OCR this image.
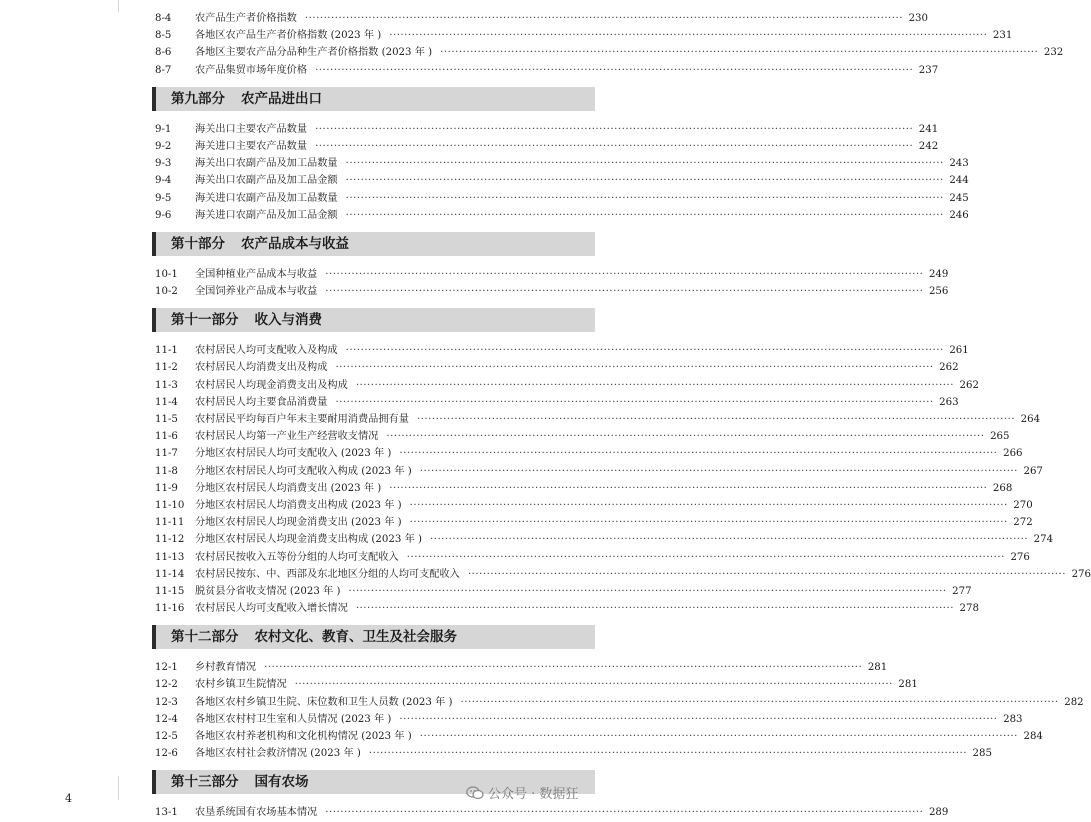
8-4	农产品生产者价格指数 ································································································································································ 230
8-5	各地区农产品生产者价格指数 (2023 年 ) ································································································································································ 231
8-6	各地区主要农产品分品种生产者价格指数 (2023 年 ) ································································································································································ 232
8-7	农产品集贸市场年度价格 ································································································································································ 237
第九部分 农产品进出口
9-1	海关出口主要农产品数量 ································································································································································ 241
9-2	海关进口主要农产品数量 ································································································································································ 242
9-3	海关出口农副产品及加工品数量 ································································································································································ 243
9-4	海关出口农副产品及加工品金额 ································································································································································ 244
9-5	海关进口农副产品及加工品数量 ································································································································································ 245
9-6	海关进口农副产品及加工品金额 ································································································································································ 246
第十部分 农产品成本与收益
10-1	全国种植业产品成本与收益 ································································································································································ 249
10-2	全国饲养业产品成本与收益 ································································································································································ 256
第十一部分 收入与消费
11-1	农村居民人均可支配收入及构成 ································································································································································ 261
11-2	农村居民人均消费支出及构成 ································································································································································ 262
11-3	农村居民人均现金消费支出及构成 ································································································································································ 262
11-4	农村居民人均主要食品消费量 ································································································································································ 263
11-5	农村居民平均每百户年末主要耐用消费品拥有量 ································································································································································ 264
11-6	农村居民人均第一产业生产经营收支情况 ································································································································································ 265
11-7	分地区农村居民人均可支配收入 (2023 年 ) ································································································································································ 266
11-8	分地区农村居民人均可支配收入构成 (2023 年 ) ································································································································································ 267
11-9	分地区农村居民人均消费支出 (2023 年 ) ································································································································································ 268
11-10	分地区农村居民人均消费支出构成 (2023 年 ) ································································································································································ 270
11-11	分地区农村居民人均现金消费支出 (2023 年 ) ································································································································································ 272
11-12	分地区农村居民人均现金消费支出构成 (2023 年 ) ································································································································································ 274
11-13	农村居民按收入五等份分组的人均可支配收入 ································································································································································ 276
11-14	农村居民按东、中、西部及东北地区分组的人均可支配收入 ································································································································································ 276
11-15	脱贫县分省收支情况 (2023 年 ) ································································································································································ 277
11-16	农村居民人均可支配收入增长情况 ································································································································································ 278
第十二部分 农村文化、教育、卫生及社会服务
12-1	乡村教育情况 ································································································································································ 281
12-2	农村乡镇卫生院情况 ································································································································································ 281
12-3	各地区农村乡镇卫生院、床位数和卫生人员数 (2023 年 ) ································································································································································ 282
12-4	各地区农村村卫生室和人员情况 (2023 年 ) ································································································································································ 283
12-5	各地区农村养老机构和文化机构情况 (2023 年 ) ································································································································································ 284
12-6	各地区农村社会救济情况 (2023 年 ) ································································································································································ 285
第十三部分 国有农场
13-1	农垦系统国有农场基本情况 ································································································································································ 289
4	公众号 · 数据狂
